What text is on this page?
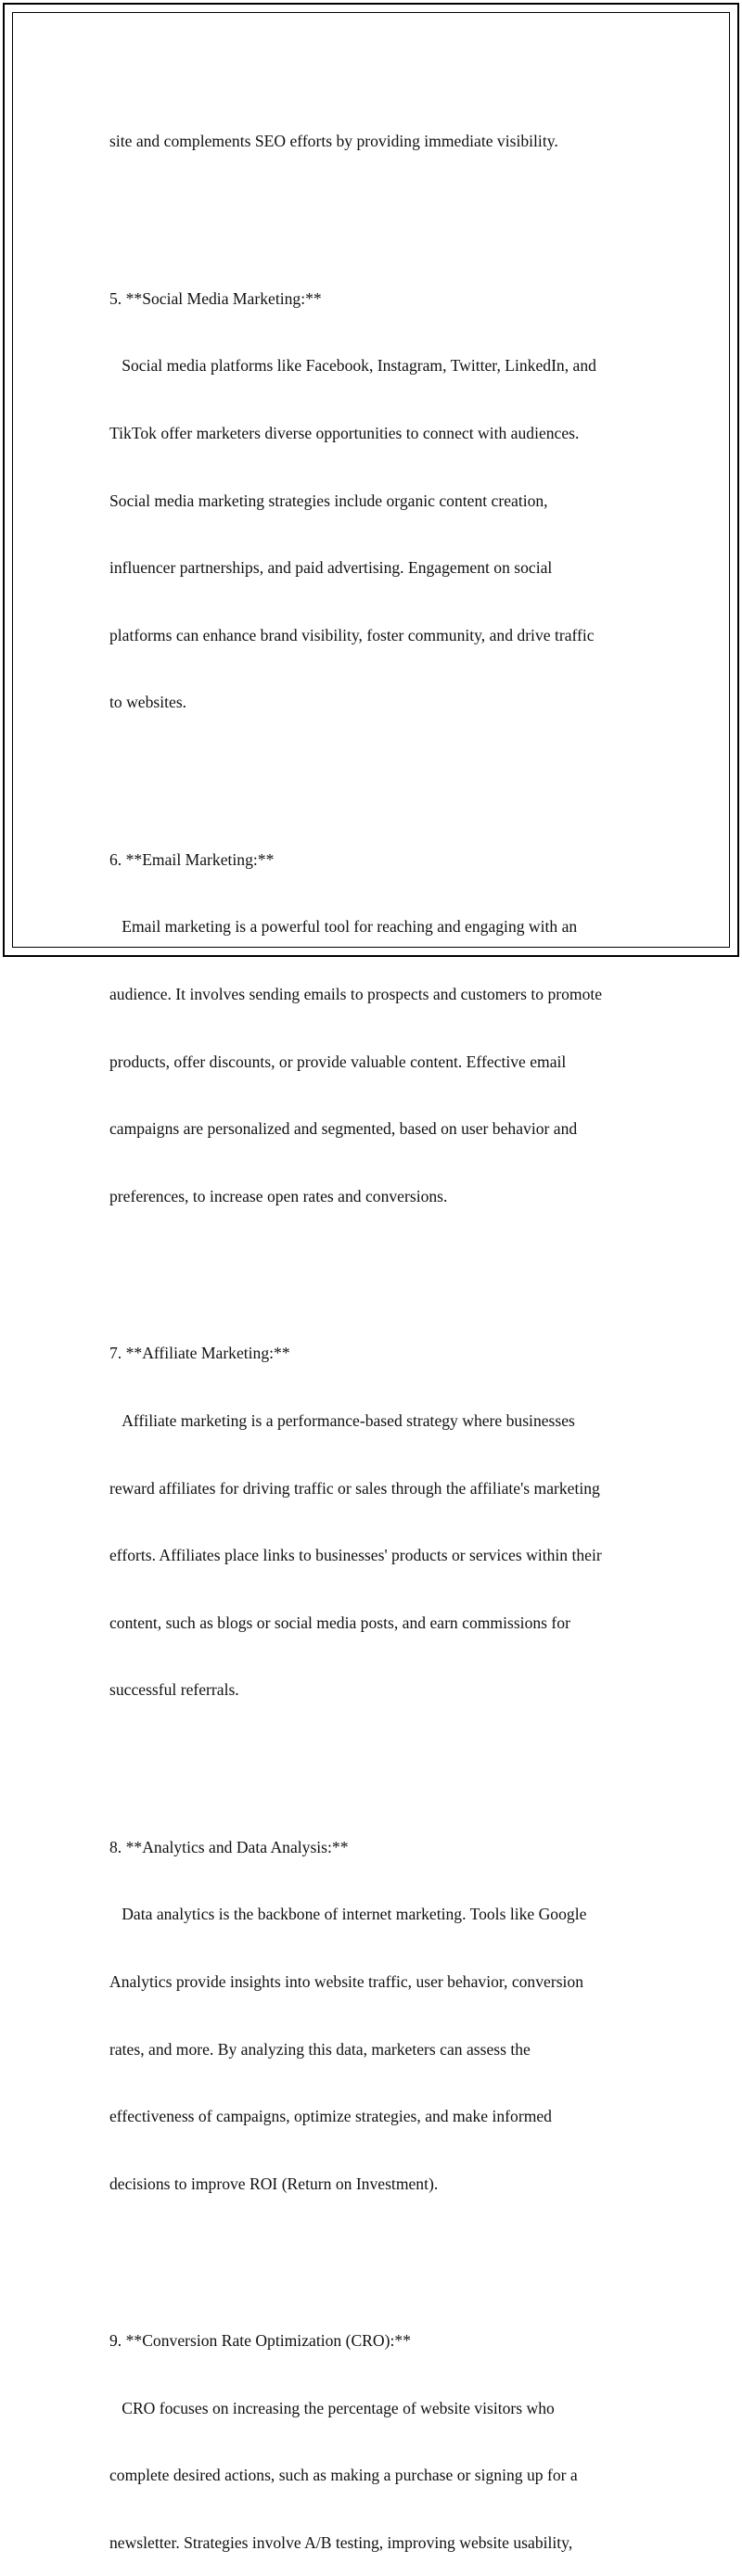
site and complements SEO efforts by providing immediate visibility.

5. **Social Media Marketing:**

Social media platforms like Facebook, Instagram, Twitter, LinkedIn, and

TikTok offer marketers diverse opportunities to connect with audiences.

Social media marketing strategies include organic content creation,

influencer partnerships, and paid advertising. Engagement on social

platforms can enhance brand visibility, foster community, and drive traffic

to websites.

6. **Email Marketing:**

Email marketing is a powerful tool for reaching and engaging with an

audience. It involves sending emails to prospects and customers to promote

products, offer discounts, or provide valuable content. Effective email

campaigns are personalized and segmented, based on user behavior and

preferences, to increase open rates and conversions.

7. **Affiliate Marketing:**

Affiliate marketing is a performance-based strategy where businesses

reward affiliates for driving traffic or sales through the affiliate's marketing

efforts. Affiliates place links to businesses' products or services within their

content, such as blogs or social media posts, and earn commissions for

successful referrals.

8. **Analytics and Data Analysis:**

Data analytics is the backbone of internet marketing. Tools like Google

Analytics provide insights into website traffic, user behavior, conversion

rates, and more. By analyzing this data, marketers can assess the

effectiveness of campaigns, optimize strategies, and make informed

decisions to improve ROI (Return on Investment).

9. **Conversion Rate Optimization (CRO):**

CRO focuses on increasing the percentage of website visitors who

complete desired actions, such as making a purchase or signing up for a

newsletter. Strategies involve A/B testing, improving website usability,
